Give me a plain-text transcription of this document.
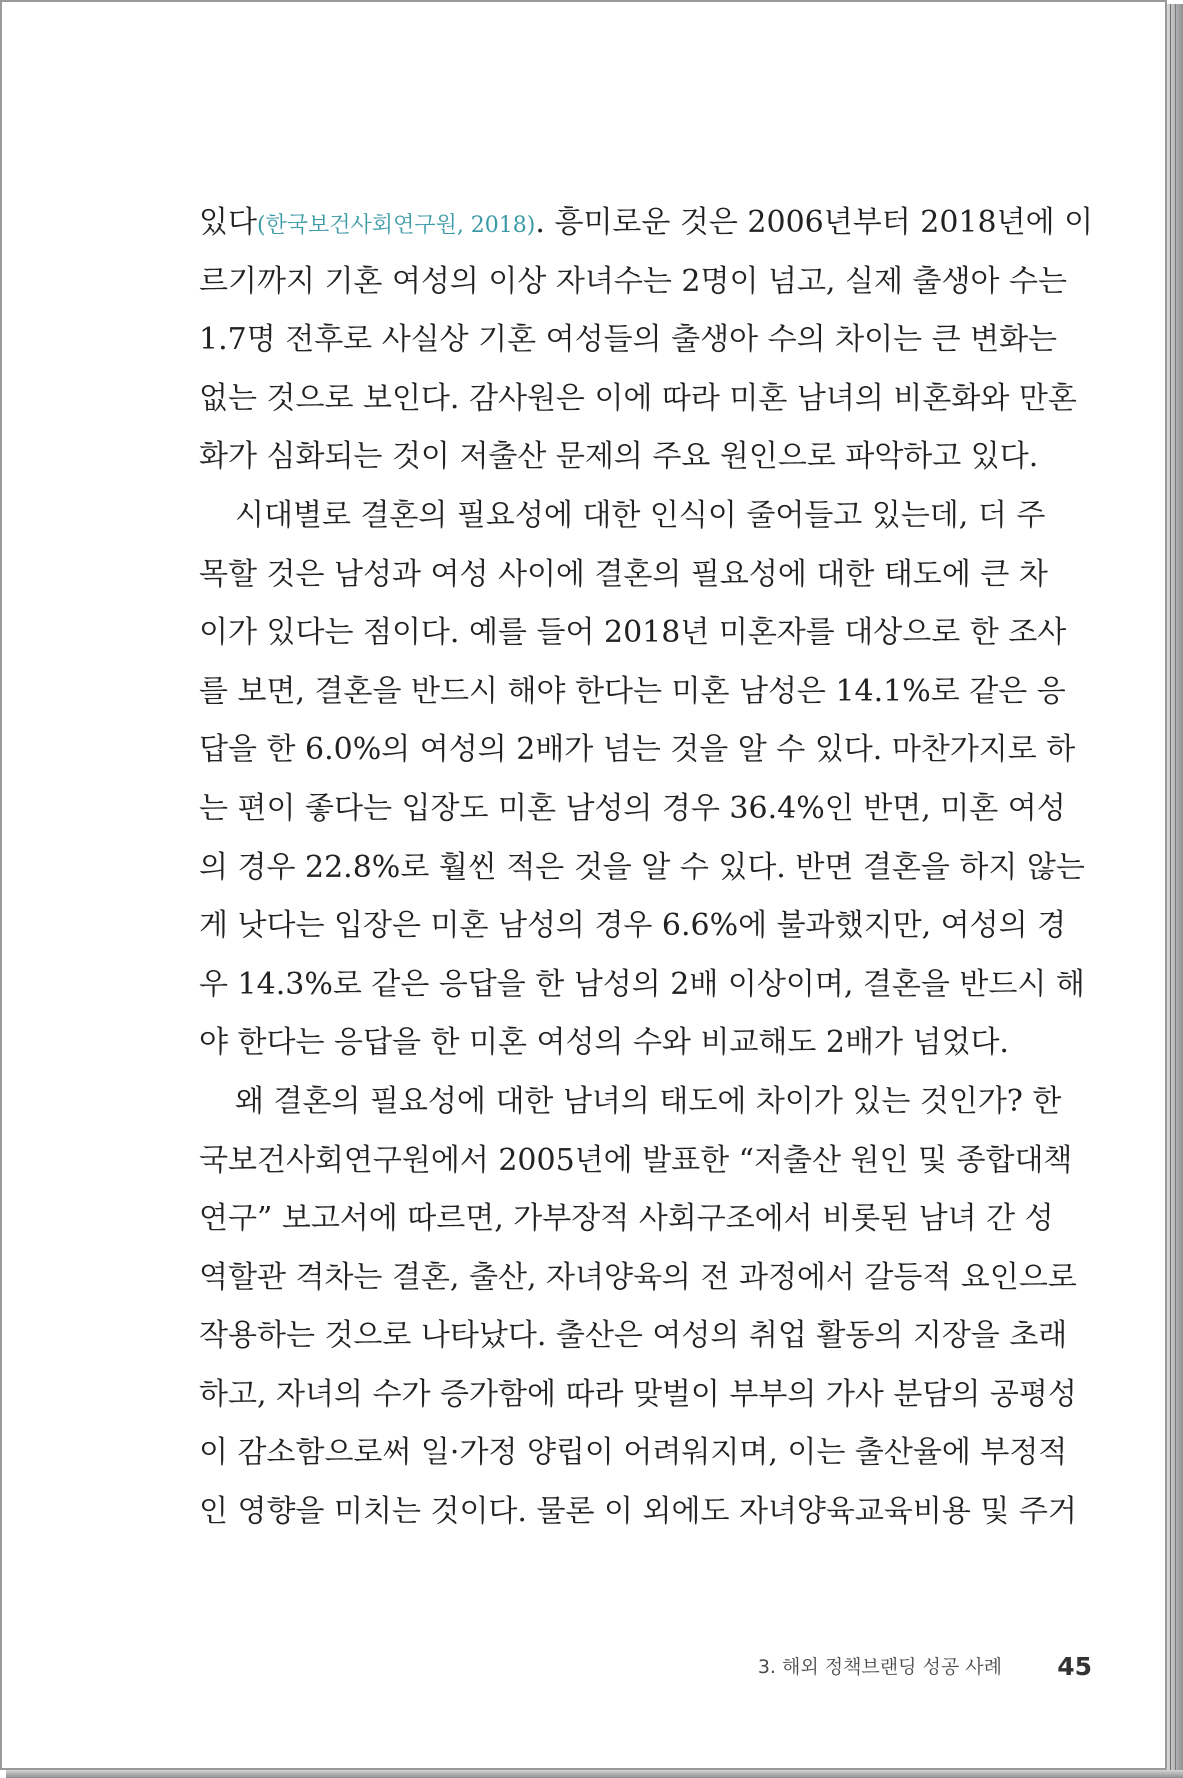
있다(한국보건사회연구원, 2018). 흥미로운 것은 2006년부터 2018년에 이
르기까지 기혼 여성의 이상 자녀수는 2명이 넘고, 실제 출생아 수는
1.7명 전후로 사실상 기혼 여성들의 출생아 수의 차이는 큰 변화는
없는 것으로 보인다. 감사원은 이에 따라 미혼 남녀의 비혼화와 만혼
화가 심화되는 것이 저출산 문제의 주요 원인으로 파악하고 있다.
시대별로 결혼의 필요성에 대한 인식이 줄어들고 있는데, 더 주
목할 것은 남성과 여성 사이에 결혼의 필요성에 대한 태도에 큰 차
이가 있다는 점이다. 예를 들어 2018년 미혼자를 대상으로 한 조사
를 보면, 결혼을 반드시 해야 한다는 미혼 남성은 14.1%로 같은 응
답을 한 6.0%의 여성의 2배가 넘는 것을 알 수 있다. 마찬가지로 하
는 편이 좋다는 입장도 미혼 남성의 경우 36.4%인 반면, 미혼 여성
의 경우 22.8%로 훨씬 적은 것을 알 수 있다. 반면 결혼을 하지 않는
게 낫다는 입장은 미혼 남성의 경우 6.6%에 불과했지만, 여성의 경
우 14.3%로 같은 응답을 한 남성의 2배 이상이며, 결혼을 반드시 해
야 한다는 응답을 한 미혼 여성의 수와 비교해도 2배가 넘었다.
왜 결혼의 필요성에 대한 남녀의 태도에 차이가 있는 것인가? 한
국보건사회연구원에서 2005년에 발표한 “저출산 원인 및 종합대책
연구” 보고서에 따르면, 가부장적 사회구조에서 비롯된 남녀 간 성
역할관 격차는 결혼, 출산, 자녀양육의 전 과정에서 갈등적 요인으로
작용하는 것으로 나타났다. 출산은 여성의 취업 활동의 지장을 초래
하고, 자녀의 수가 증가함에 따라 맞벌이 부부의 가사 분담의 공평성
이 감소함으로써 일·가정 양립이 어려워지며, 이는 출산율에 부정적
인 영향을 미치는 것이다. 물론 이 외에도 자녀양육교육비용 및 주거
3. 해외 정책브랜딩 성공 사례 45
